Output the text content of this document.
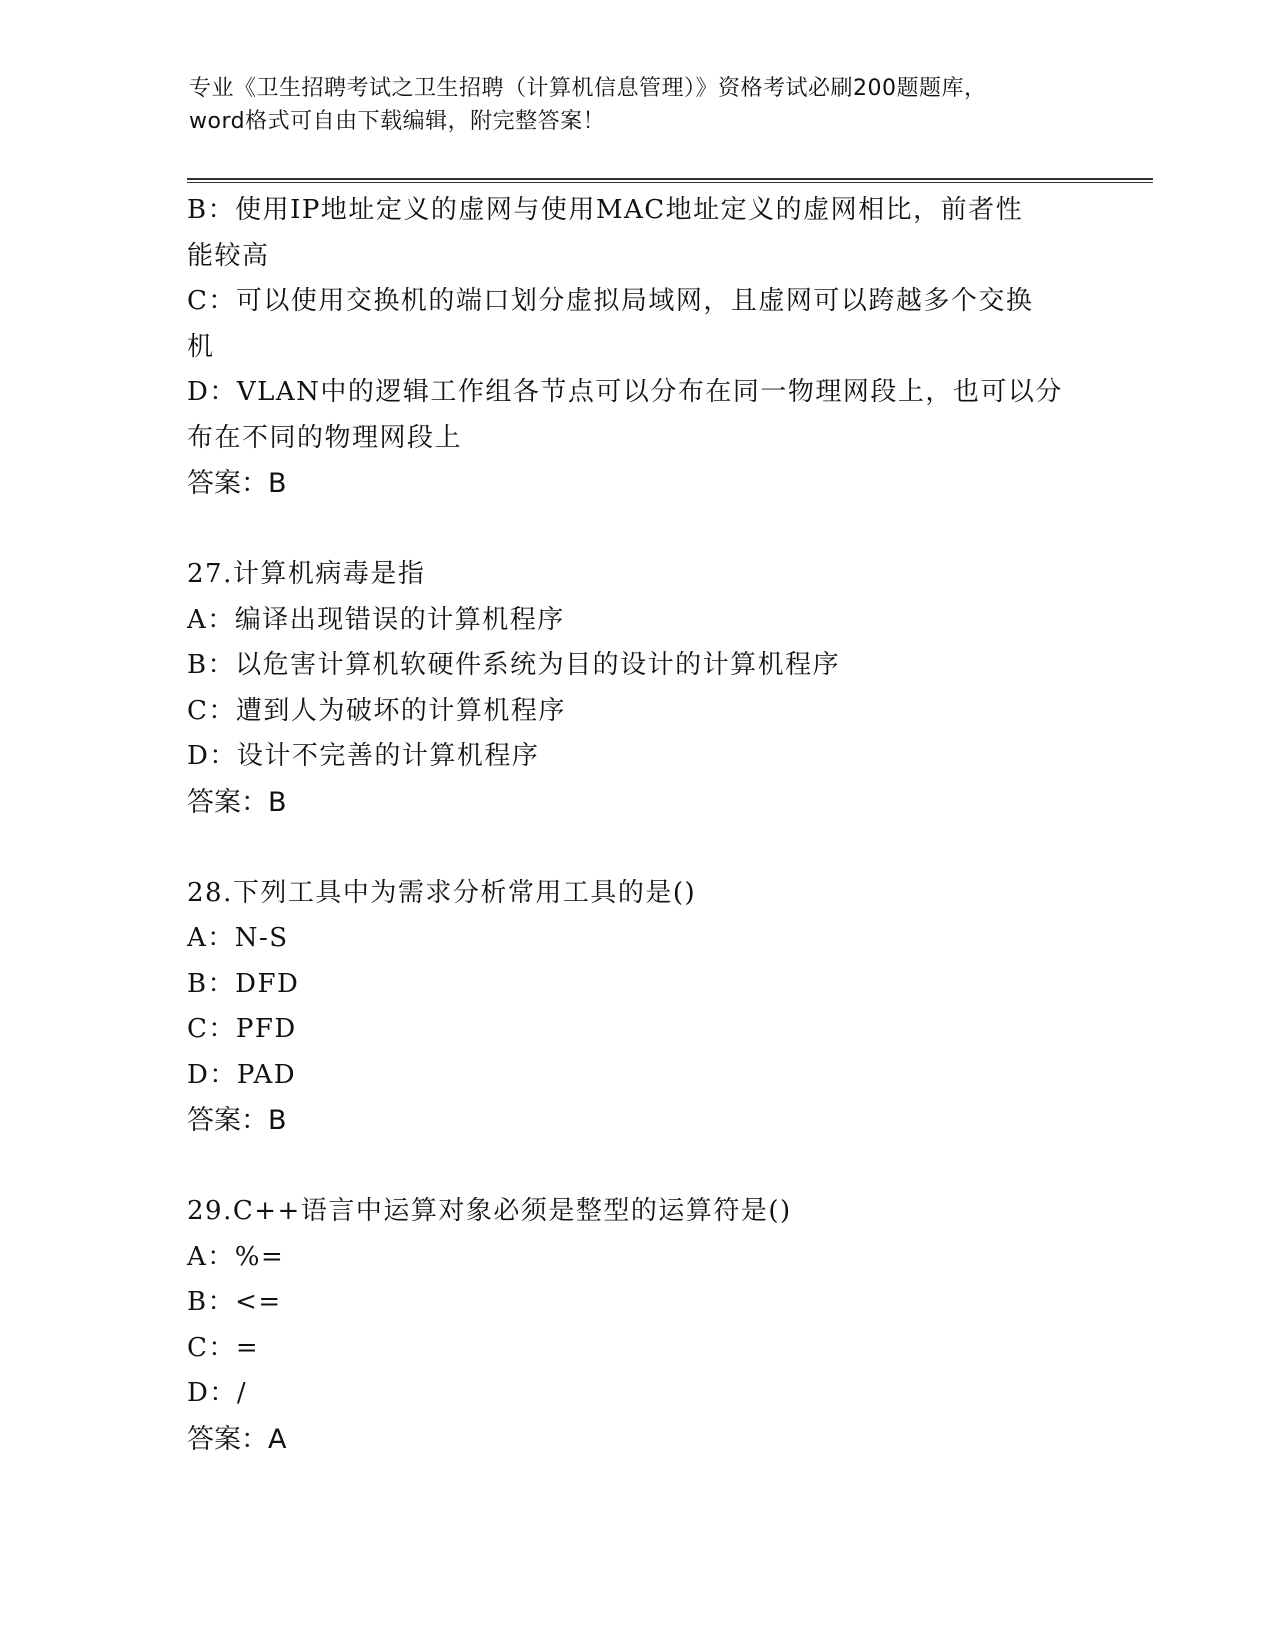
专业《卫生招聘考试之卫生招聘（计算机信息管理）》资格考试必刷200题题库，
word格式可自由下载编辑，附完整答案！
B：使用IP地址定义的虚网与使用MAC地址定义的虚网相比，前者性
能较高
C：可以使用交换机的端口划分虚拟局域网，且虚网可以跨越多个交换
机
D：VLAN中的逻辑工作组各节点可以分布在同一物理网段上，也可以分
布在不同的物理网段上
答案：B
27.计算机病毒是指
A：编译出现错误的计算机程序
B：以危害计算机软硬件系统为目的设计的计算机程序
C：遭到人为破坏的计算机程序
D：设计不完善的计算机程序
答案：B
28.下列工具中为需求分析常用工具的是()
A：N-S
B：DFD
C：PFD
D：PAD
答案：B
29.C++语言中运算对象必须是整型的运算符是()
A：%=
B：<=
C：=
D：/
答案：A
